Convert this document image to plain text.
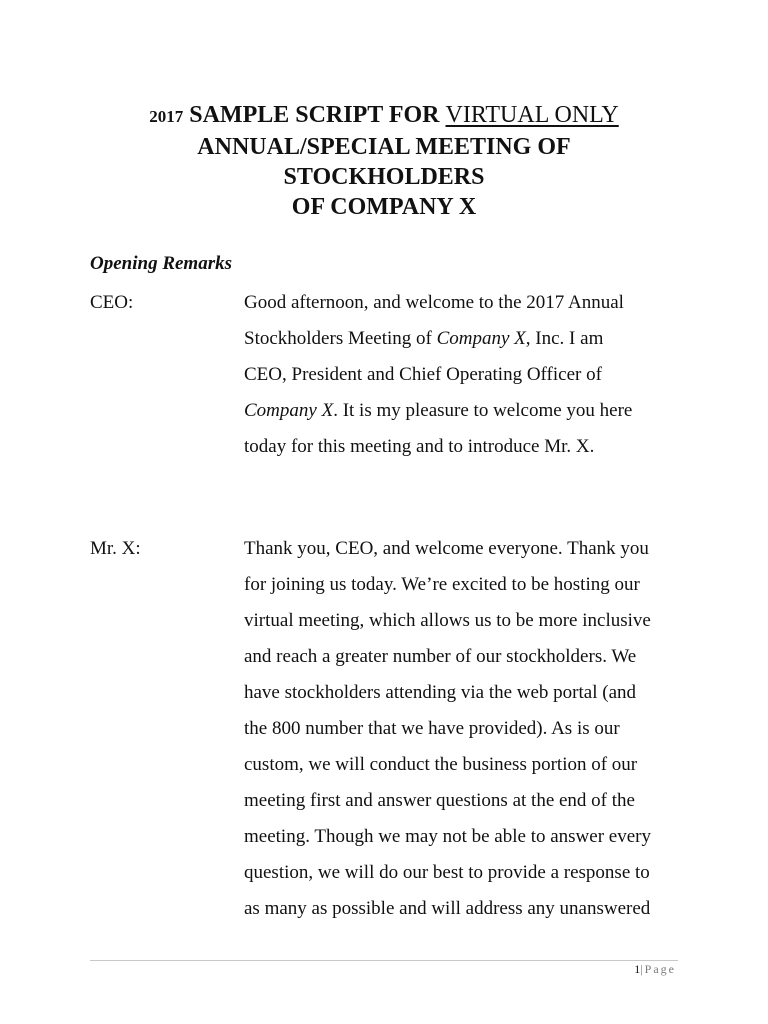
2017 SAMPLE SCRIPT FOR VIRTUAL ONLY
ANNUAL/SPECIAL MEETING OF
STOCKHOLDERS
OF COMPANY X
Opening Remarks
CEO:	Good afternoon, and welcome to the 2017 Annual
Stockholders Meeting of Company X, Inc. I am
CEO, President and Chief Operating Officer of
Company X. It is my pleasure to welcome you here
today for this meeting and to introduce Mr. X.
Mr. X:	Thank you, CEO, and welcome everyone. Thank you
for joining us today. We’re excited to be hosting our
virtual meeting, which allows us to be more inclusive
and reach a greater number of our stockholders. We
have stockholders attending via the web portal (and
the 800 number that we have provided). As is our
custom, we will conduct the business portion of our
meeting first and answer questions at the end of the
meeting. Though we may not be able to answer every
question, we will do our best to provide a response to
as many as possible and will address any unanswered
1|Page
